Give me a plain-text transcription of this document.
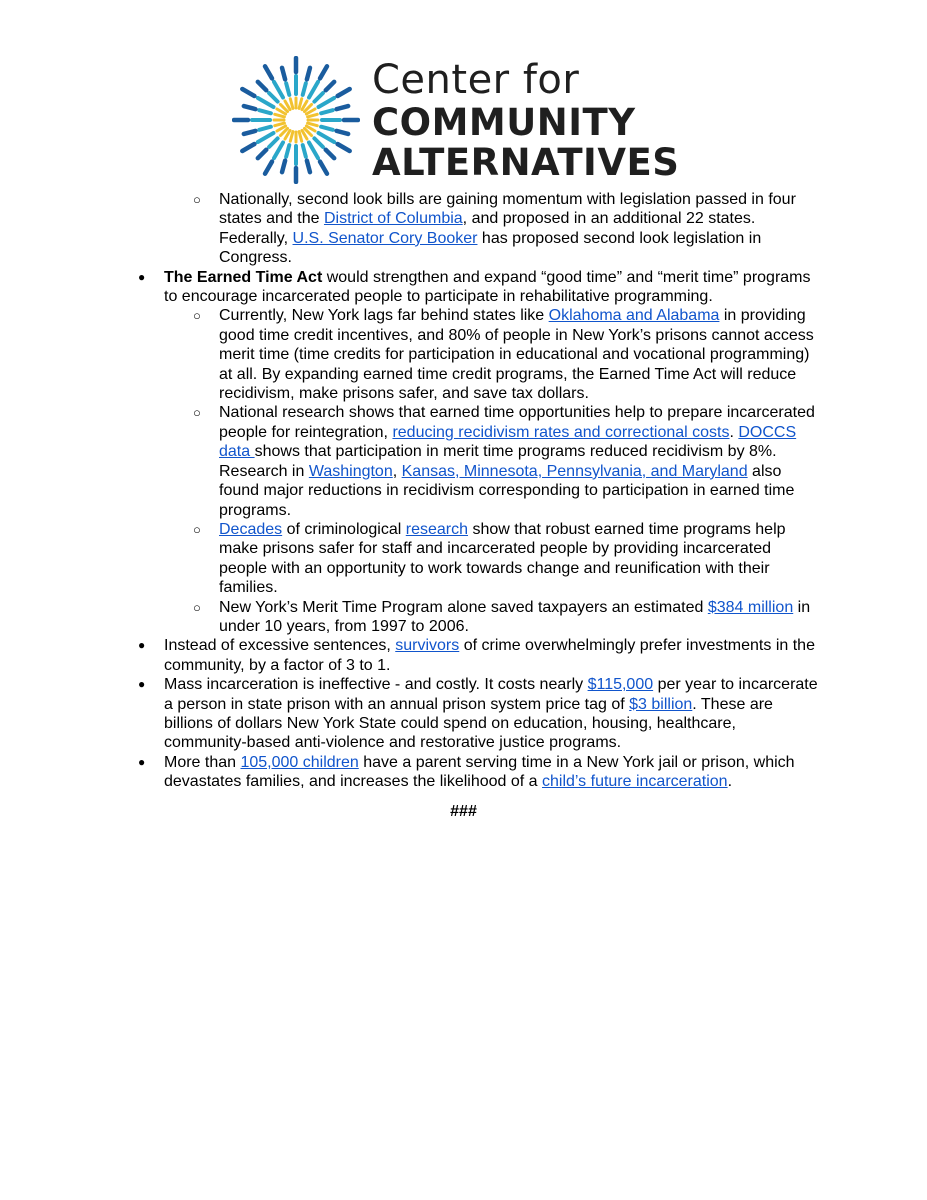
Center for
COMMUNITY
ALTERNATIVES
○ Nationally, second look bills are gaining momentum with legislation passed in four states and the District of Columbia, and proposed in an additional 22 states. Federally, U.S. Senator Cory Booker has proposed second look legislation in Congress.
● The Earned Time Act would strengthen and expand “good time” and “merit time” programs to encourage incarcerated people to participate in rehabilitative programming.
○ Currently, New York lags far behind states like Oklahoma and Alabama in providing good time credit incentives, and 80% of people in New York’s prisons cannot access merit time (time credits for participation in educational and vocational programming) at all. By expanding earned time credit programs, the Earned Time Act will reduce recidivism, make prisons safer, and save tax dollars.
○ National research shows that earned time opportunities help to prepare incarcerated people for reintegration, reducing recidivism rates and correctional costs. DOCCS data shows that participation in merit time programs reduced recidivism by 8%. Research in Washington, Kansas, Minnesota, Pennsylvania, and Maryland also found major reductions in recidivism corresponding to participation in earned time programs.
○ Decades of criminological research show that robust earned time programs help make prisons safer for staff and incarcerated people by providing incarcerated people with an opportunity to work towards change and reunification with their families.
○ New York’s Merit Time Program alone saved taxpayers an estimated $384 million in under 10 years, from 1997 to 2006.
● Instead of excessive sentences, survivors of crime overwhelmingly prefer investments in the community, by a factor of 3 to 1.
● Mass incarceration is ineffective - and costly. It costs nearly $115,000 per year to incarcerate a person in state prison with an annual prison system price tag of $3 billion. These are billions of dollars New York State could spend on education, housing, healthcare, community-based anti-violence and restorative justice programs.
● More than 105,000 children have a parent serving time in a New York jail or prison, which devastates families, and increases the likelihood of a child’s future incarceration.
###
